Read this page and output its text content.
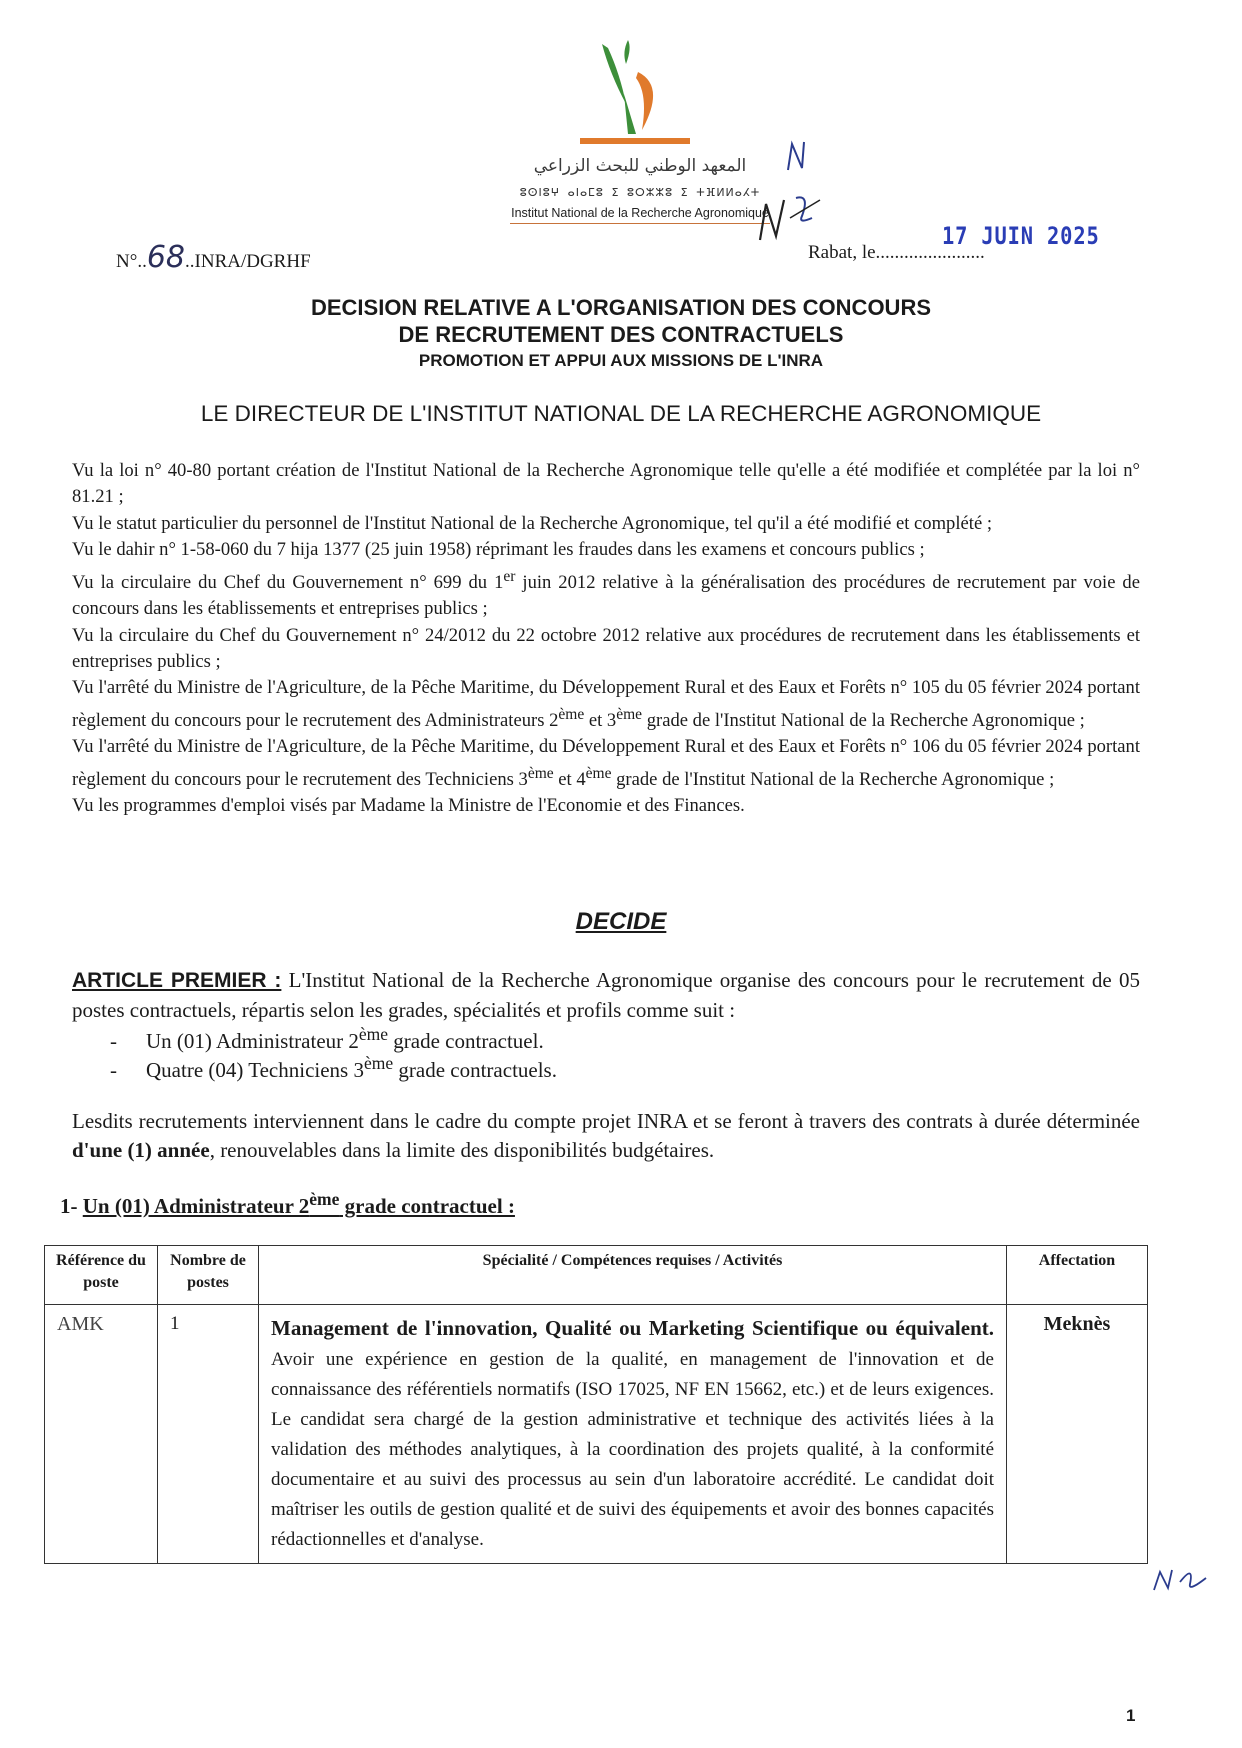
المعهد الوطني للبحث الزراعي
ⵓⵙⵏⵓⵖ ⴰⵏⴰⵎⵓ ⵉ ⵓⵔⵣⵣⵓ ⵉ ⵜⴼⵍⵍⴰⵃⵜ
Institut National de la Recherche Agronomique
N°..68..INRA/DGRHF	Rabat, le.......................
17 JUIN 2025
DECISION RELATIVE A L'ORGANISATION DES CONCOURS
DE RECRUTEMENT DES CONTRACTUELS
PROMOTION ET APPUI AUX MISSIONS DE L'INRA
LE DIRECTEUR DE L'INSTITUT NATIONAL DE LA RECHERCHE AGRONOMIQUE

Vu la loi n° 40-80 portant création de l'Institut National de la Recherche Agronomique telle qu'elle a été modifiée et complétée par la loi n° 81.21 ;

Vu le statut particulier du personnel de l'Institut National de la Recherche Agronomique, tel qu'il a été modifié et complété ;

Vu le dahir n° 1-58-060 du 7 hija 1377 (25 juin 1958) réprimant les fraudes dans les examens et concours publics ;

Vu la circulaire du Chef du Gouvernement n° 699 du 1er juin 2012 relative à la généralisation des procédures de recrutement par voie de concours dans les établissements et entreprises publics ;

Vu la circulaire du Chef du Gouvernement n° 24/2012 du 22 octobre 2012 relative aux procédures de recrutement dans les établissements et entreprises publics ;

Vu l'arrêté du Ministre de l'Agriculture, de la Pêche Maritime, du Développement Rural et des Eaux et Forêts n° 105 du 05 février 2024 portant règlement du concours pour le recrutement des Administrateurs 2ème et 3ème grade de l'Institut National de la Recherche Agronomique ;

Vu l'arrêté du Ministre de l'Agriculture, de la Pêche Maritime, du Développement Rural et des Eaux et Forêts n° 106 du 05 février 2024 portant règlement du concours pour le recrutement des Techniciens 3ème et 4ème grade de l'Institut National de la Recherche Agronomique ;

Vu les programmes d'emploi visés par Madame la Ministre de l'Economie et des Finances.

DECIDE
ARTICLE PREMIER : L'Institut National de la Recherche Agronomique organise des concours pour le recrutement de 05 postes contractuels, répartis selon les grades, spécialités et profils comme suit :
- Un (01) Administrateur 2ème grade contractuel.
- Quatre (04) Techniciens 3ème grade contractuels.
Lesdits recrutements interviennent dans le cadre du compte projet INRA et se feront à travers des contrats à durée déterminée d'une (1) année, renouvelables dans la limite des disponibilités budgétaires.
1- Un (01) Administrateur 2ème grade contractuel :
Référence du poste	Nombre de postes	Spécialité / Compétences requises / Activités	Affectation
AMK	1	Management de l'innovation, Qualité ou Marketing Scientifique ou équivalent. Avoir une expérience en gestion de la qualité, en management de l'innovation et de connaissance des référentiels normatifs (ISO 17025, NF EN 15662, etc.) et de leurs exigences. Le candidat sera chargé de la gestion administrative et technique des activités liées à la validation des méthodes analytiques, à la coordination des projets qualité, à la conformité documentaire et au suivi des processus au sein d'un laboratoire accrédité. Le candidat doit maîtriser les outils de gestion qualité et de suivi des équipements et avoir des bonnes capacités rédactionnelles et d'analyse.	Meknès
1
